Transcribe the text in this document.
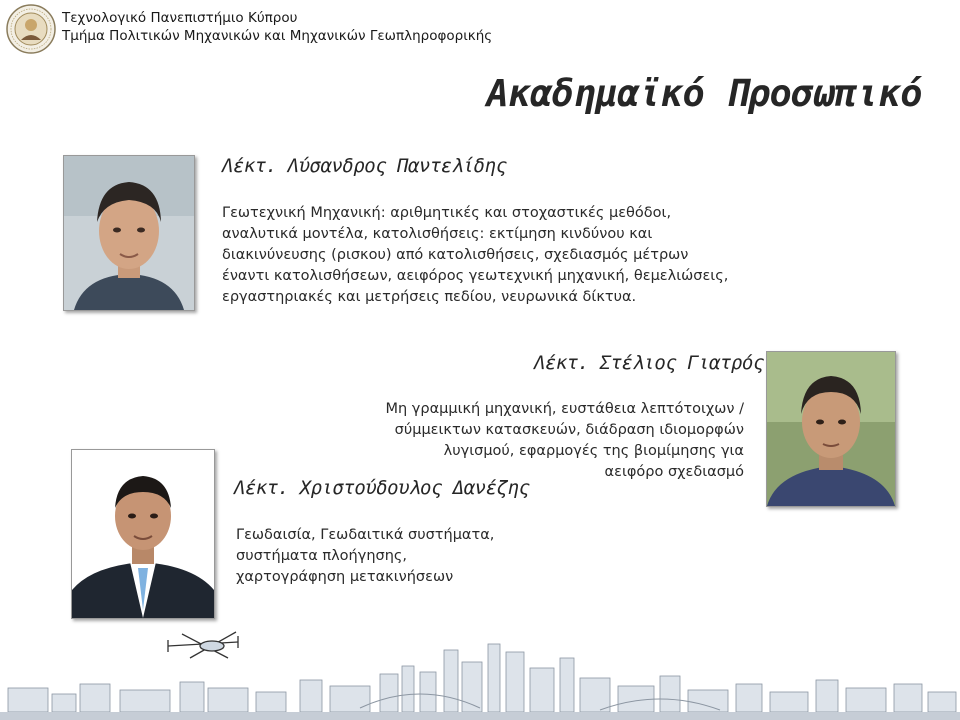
Τεχνολογικό Πανεπιστήμιο Κύπρου
Τμήμα Πολιτικών Μηχανικών και Μηχανικών Γεωπληροφορικής
Ακαδημαϊκό Προσωπικό
Λέκτ. Λύσανδρος Παντελίδης
Γεωτεχνική Μηχανική: αριθμητικές και στοχαστικές μεθόδοι,
αναλυτικά μοντέλα, κατολισθήσεις: εκτίμηση κινδύνου και
διακινύνευσης (ρισκου) από κατολισθήσεις, σχεδιασμός μέτρων
έναντι κατολισθήσεων, αειφόρος γεωτεχνική μηχανική, θεμελιώσεις,
εργαστηριακές και μετρήσεις πεδίου, νευρωνικά δίκτυα.
Λέκτ. Στέλιος Γιατρός
Μη γραμμική μηχανική, ευστάθεια λεπτότοιχων /
σύμμεικτων κατασκευών, διάδραση ιδιομορφών
λυγισμού, εφαρμογές της βιομίμησης για
αειφόρο σχεδιασμό
Λέκτ. Χριστούδουλος Δανέζης
Γεωδαισία, Γεωδαιτικά συστήματα,
συστήματα πλοήγησης,
χαρτογράφηση μετακινήσεων
